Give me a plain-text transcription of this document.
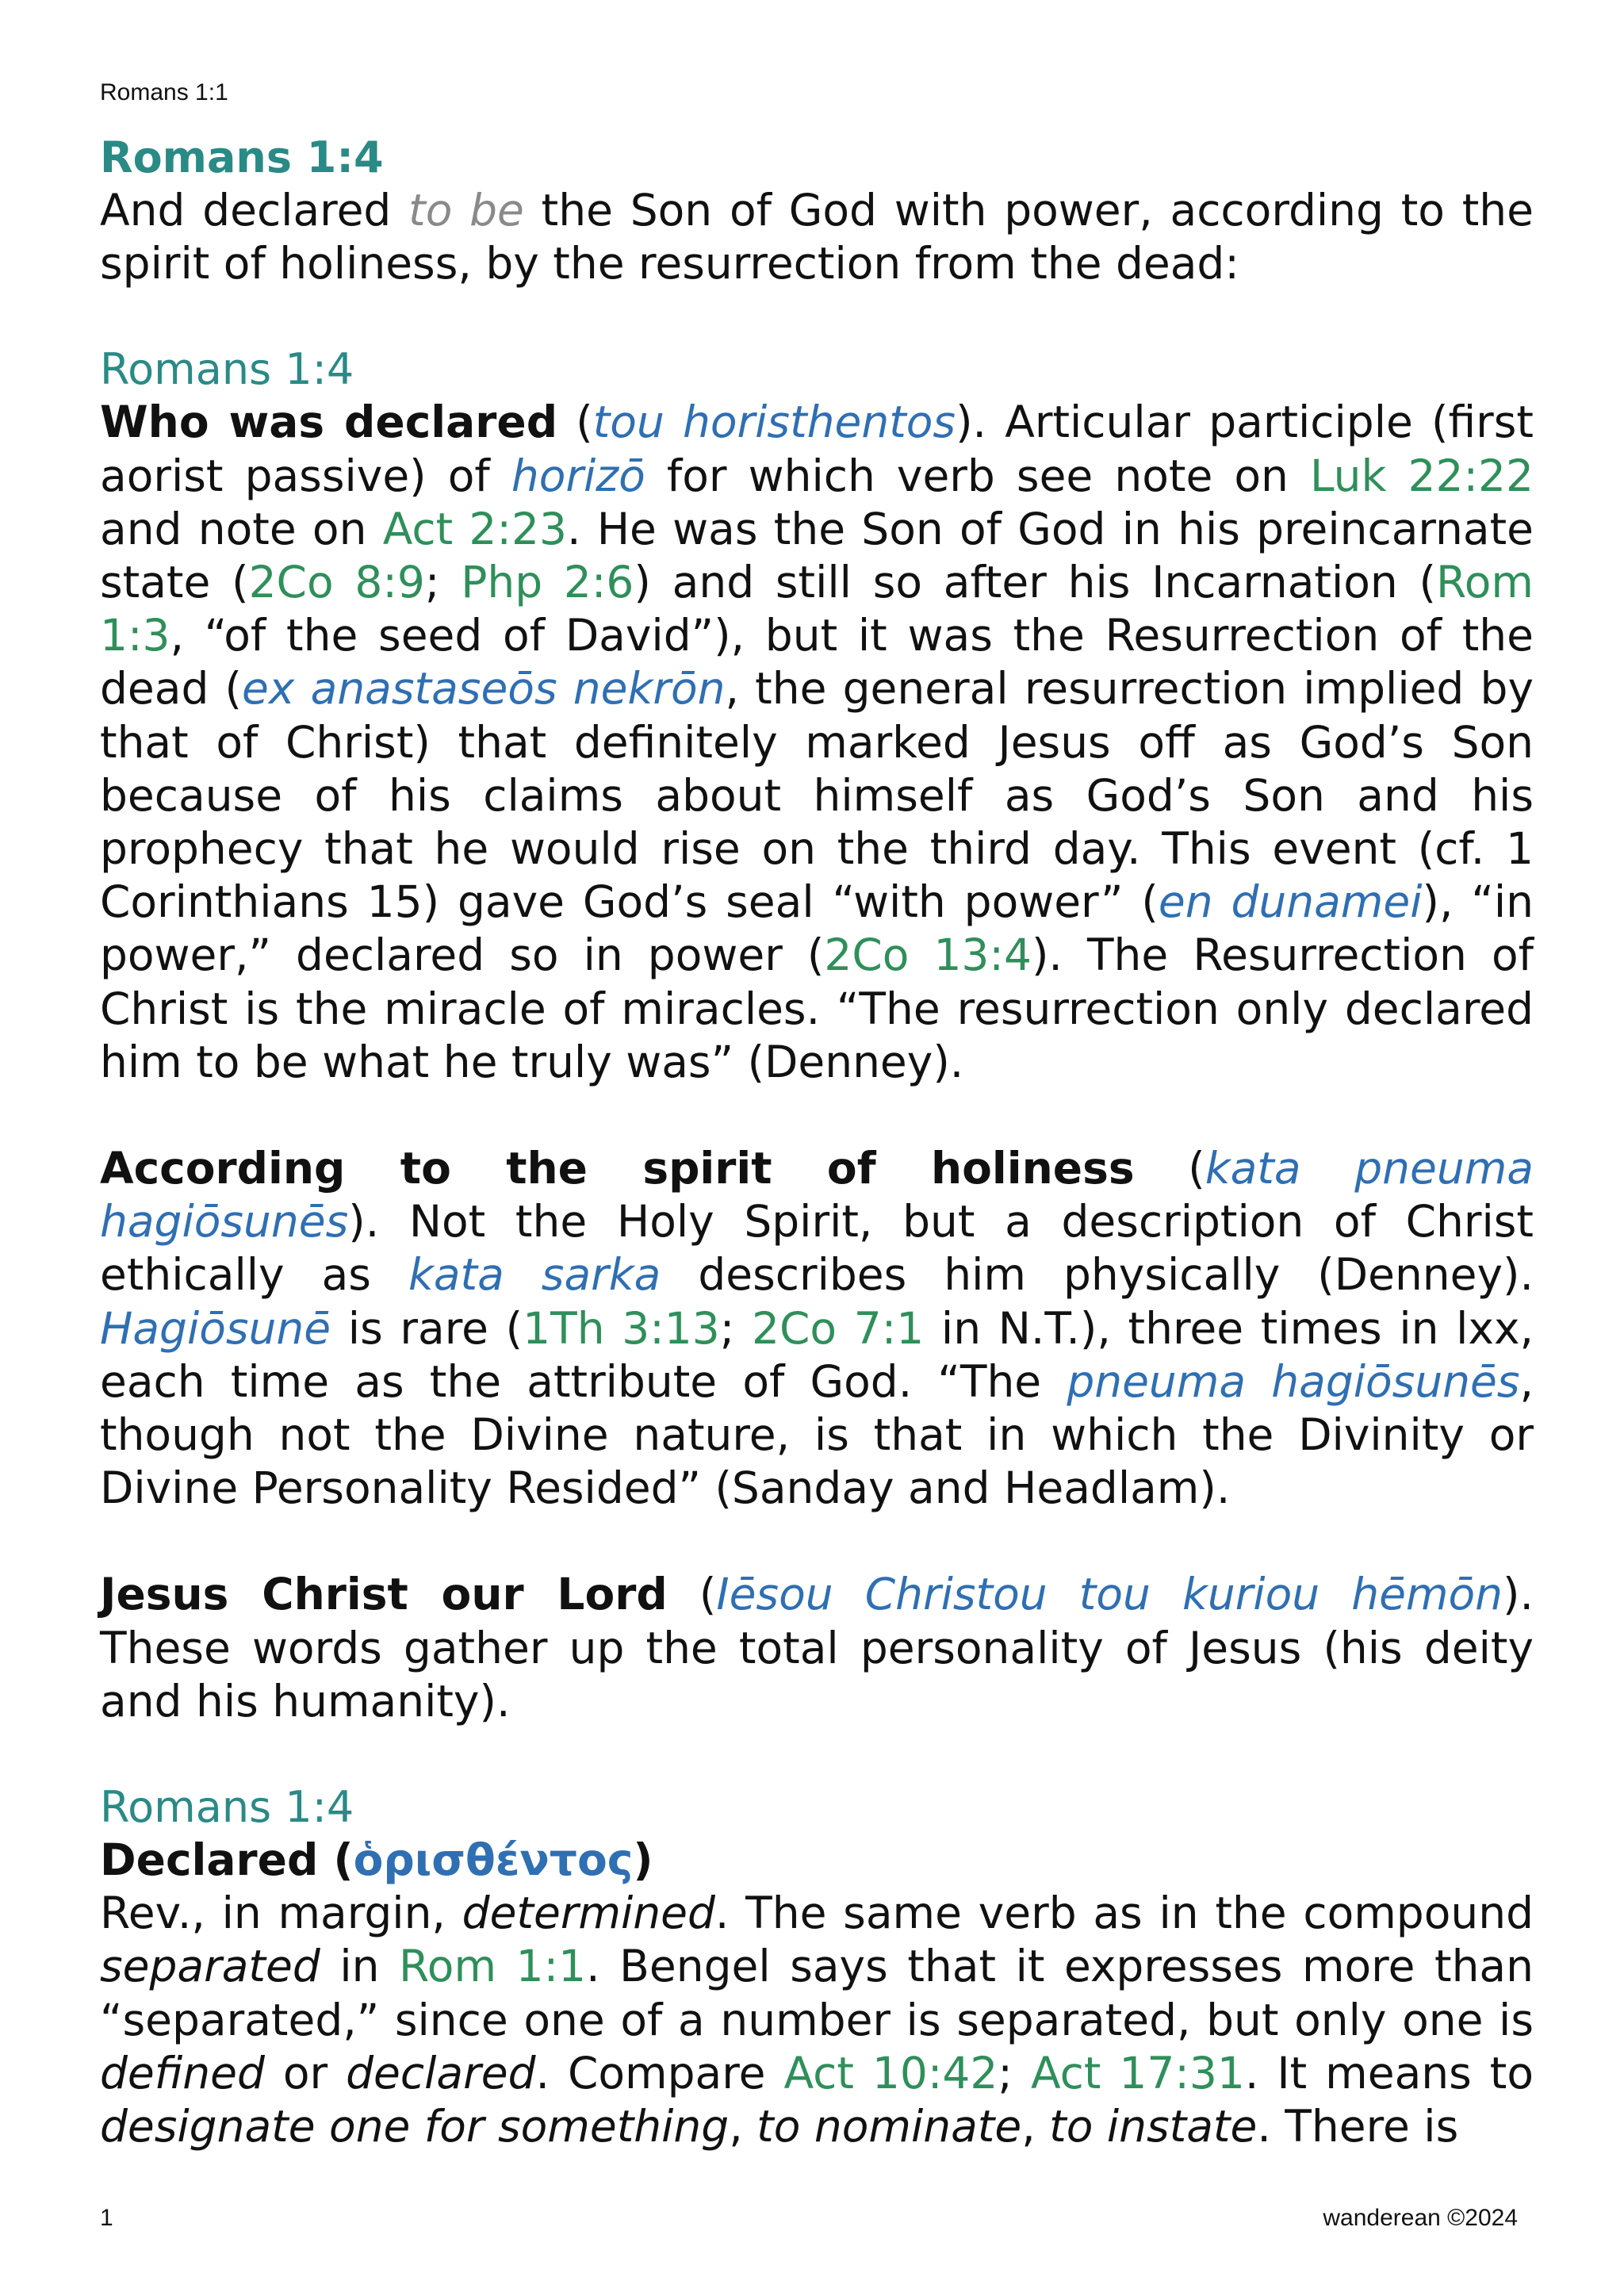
Romans 1:1
Romans 1:4

And declared to be the Son of God with power, according to the spirit of holiness, by the resurrection from the dead:

Romans 1:4

Who was declared (tou horisthentos). Articular participle (first aorist passive) of horizō for which verb see note on Luk 22:22 and note on Act 2:23. He was the Son of God in his preincarnate state (2Co 8:9; Php 2:6) and still so after his Incarnation (Rom 1:3, “of the seed of David”), but it was the Resurrection of the dead (ex anastaseōs nekrōn, the general resurrection implied by that of Christ) that definitely marked Jesus off as God’s Son because of his claims about himself as God’s Son and his prophecy that he would rise on the third day. This event (cf. 1 Corinthians 15) gave God’s seal “with power” (en dunamei), “in power,” declared so in power (2Co 13:4). The Resurrection of Christ is the miracle of miracles. “The resurrection only declared him to be what he truly was” (Denney).

According to the spirit of holiness (kata pneuma hagiōsunēs). Not the Holy Spirit, but a description of Christ ethically as kata sarka describes him physically (Denney). Hagiōsunē is rare (1Th 3:13; 2Co 7:1 in N.T.), three times in lxx, each time as the attribute of God. “The pneuma hagiōsunēs, though not the Divine nature, is that in which the Divinity or Divine Personality Resided” (Sanday and Headlam).

Jesus Christ our Lord (Iēsou Christou tou kuriou hēmōn). These words gather up the total personality of Jesus (his deity and his humanity).

Romans 1:4

Declared (ὁρισθέντος)

Rev., in margin, determined. The same verb as in the compound separated in Rom 1:1. Bengel says that it expresses more than “separated,” since one of a number is separated, but only one is defined or declared. Compare Act 10:42; Act 17:31. It means to designate one for something, to nominate, to instate. There is

1	wanderean ©2024
